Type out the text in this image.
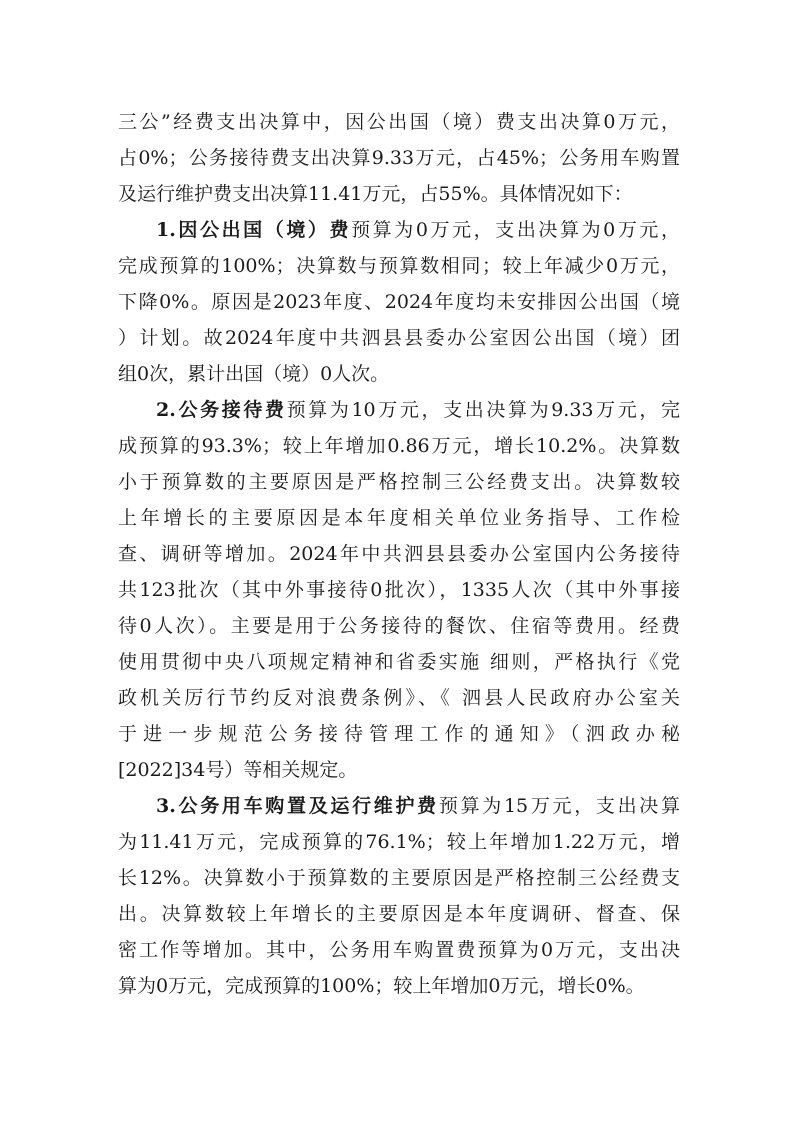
三公”经费支出决算中，因公出国（境）费支出决算0万元，
占0%；公务接待费支出决算9.33万元，占45%；公务用车购置
及运行维护费支出决算11.41万元，占55%。具体情况如下：
1.因公出国（境）费预算为0万元，支出决算为0万元，
完成预算的100%；决算数与预算数相同；较上年减少0万元，
下降0%。原因是2023年度、2024年度均未安排因公出国（境
）计划。故2024年度中共泗县县委办公室因公出国（境）团
组0次，累计出国（境）0人次。
2.公务接待费预算为10万元，支出决算为9.33万元，完
成预算的93.3%；较上年增加0.86万元，增长10.2%。决算数
小于预算数的主要原因是严格控制三公经费支出。决算数较
上年增长的主要原因是本年度相关单位业务指导、工作检
查、调研等增加。2024年中共泗县县委办公室国内公务接待
共123批次（其中外事接待0批次），1335人次（其中外事接
待0人次）。主要是用于公务接待的餐饮、住宿等费用。经费
使用贯彻中央八项规定精神和省委实施 细则，严格执行《党
政机关厉行节约反对浪费条例》、《 泗县人民政府办公室关
于进一步规范公务接待管理工作的通知》（泗政办秘
[2022]34号）等相关规定。
3.公务用车购置及运行维护费预算为15万元，支出决算
为11.41万元，完成预算的76.1%；较上年增加1.22万元，增
长12%。决算数小于预算数的主要原因是严格控制三公经费支
出。决算数较上年增长的主要原因是本年度调研、督查、保
密工作等增加。其中，公务用车购置费预算为0万元，支出决
算为0万元，完成预算的100%；较上年增加0万元，增长0%。
